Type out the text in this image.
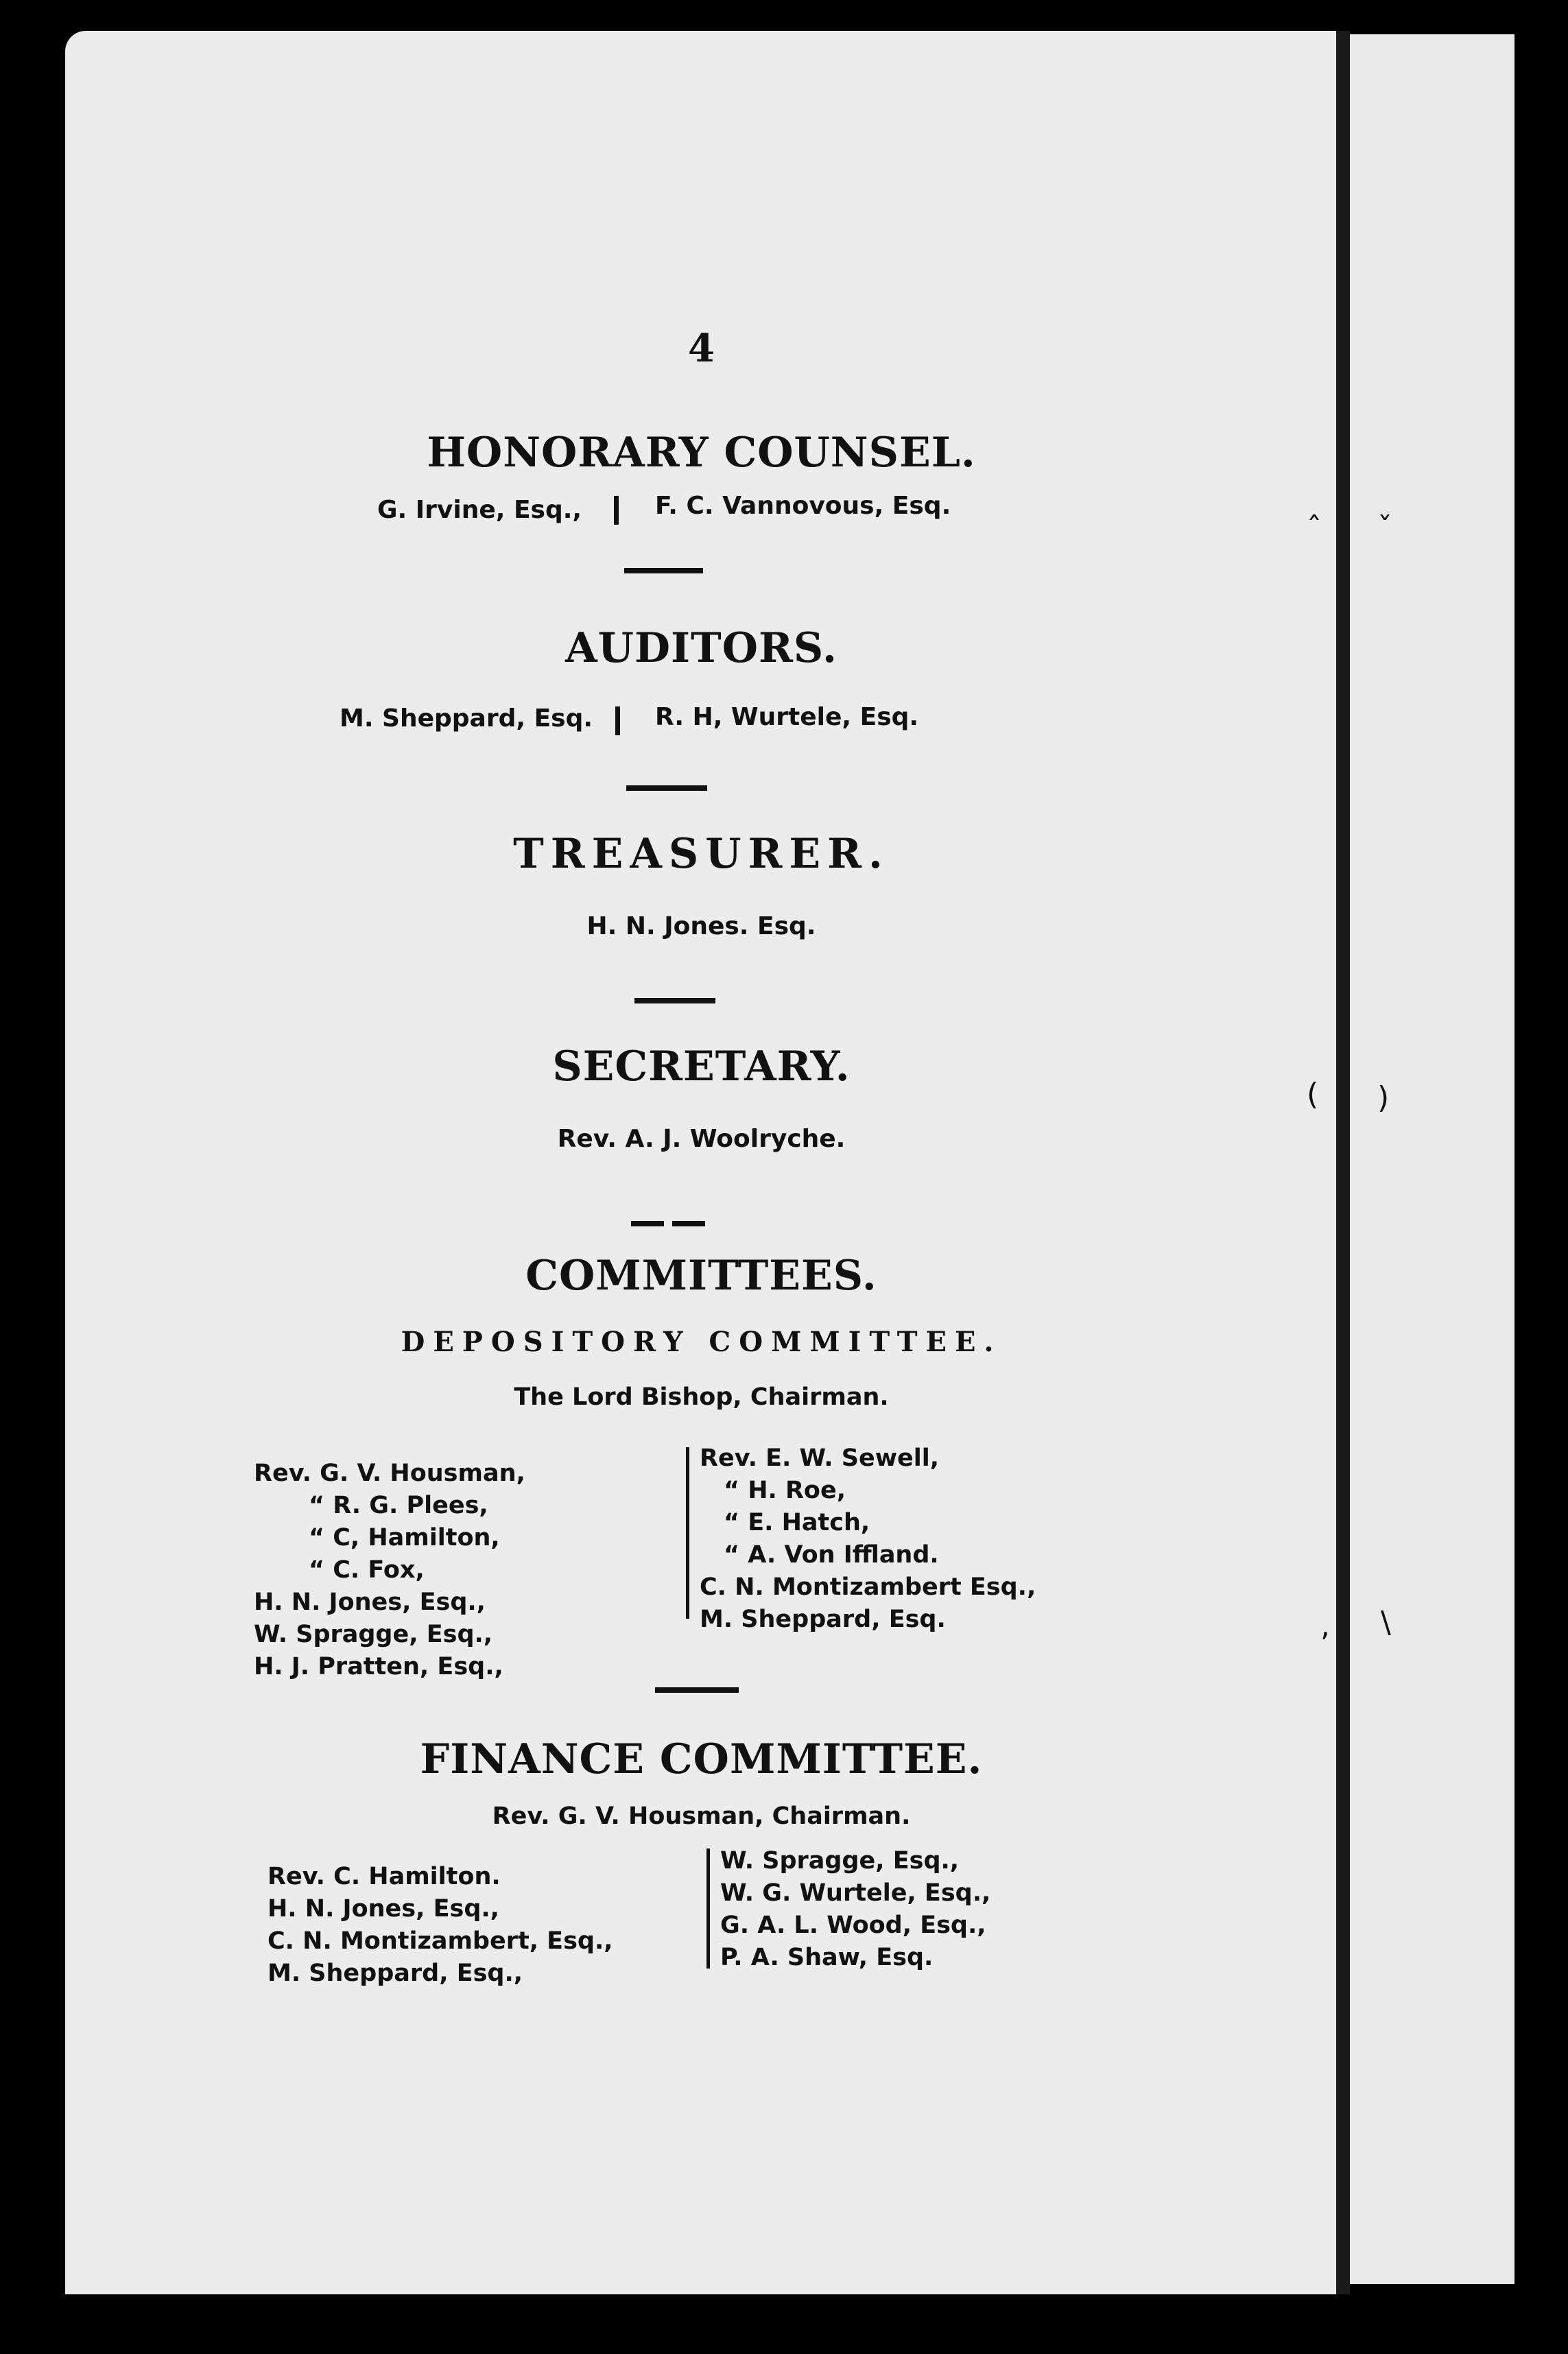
4
HONORARY COUNSEL.
G. Irvine, Esq.,	F. C. Vannovous, Esq.
AUDITORS.
M. Sheppard, Esq.	R. H, Wurtele, Esq.
TREASURER.
H. N. Jones. Esq.
SECRETARY.
Rev. A. J. Woolryche.
COMMITTEES.
DEPOSITORY COMMITTEE.
The Lord Bishop, Chairman.
Rev. G. V. Housman,
“ R. G. Plees,
“ C, Hamilton,
“ C. Fox,
H. N. Jones, Esq.,
W. Spragge, Esq.,
H. J. Pratten, Esq.,
Rev. E. W. Sewell,
“ H. Roe,
“ E. Hatch,
“ A. Von Iffland.
C. N. Montizambert Esq.,
M. Sheppard, Esq.
FINANCE COMMITTEE.
Rev. G. V. Housman, Chairman.
Rev. C. Hamilton.
H. N. Jones, Esq.,
C. N. Montizambert, Esq.,
M. Sheppard, Esq.,
W. Spragge, Esq.,
W. G. Wurtele, Esq.,
G. A. L. Wood, Esq.,
P. A. Shaw, Esq.
ˆ
(
,
ˇ
)
\
